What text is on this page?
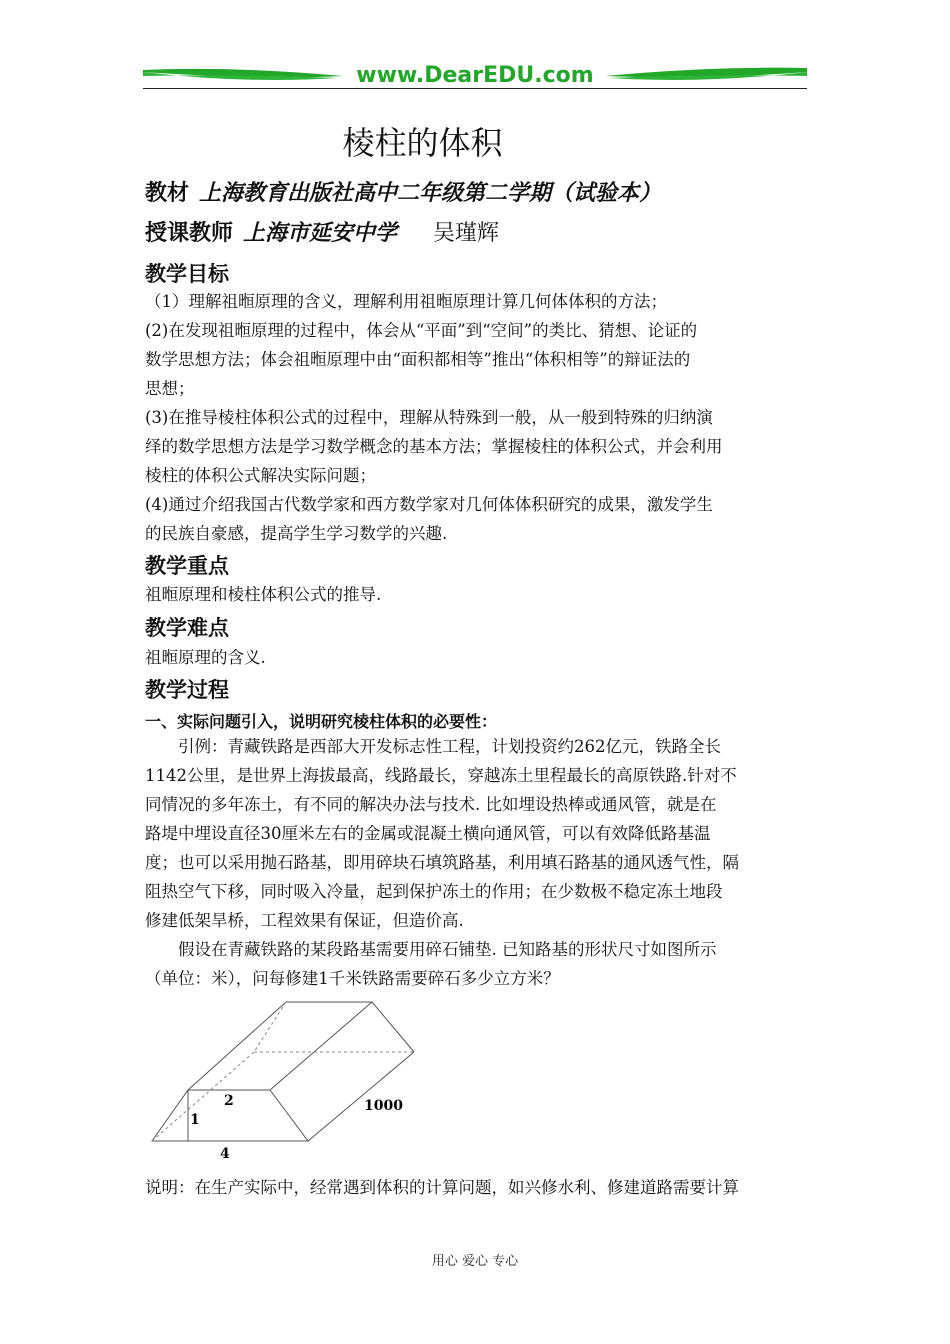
www.DearEDU.com
棱柱的体积
教材 上海教育出版社高中二年级第二学期（试验本）
授课教师 上海市延安中学 吴瑾辉
教学目标
（1）理解祖暅原理的含义，理解利用祖暅原理计算几何体体积的方法；
(2)在发现祖暅原理的过程中，体会从“平面”到“空间”的类比、猜想、论证的
数学思想方法；体会祖暅原理中由“面积都相等”推出“体积相等”的辩证法的
思想；
(3)在推导棱柱体积公式的过程中，理解从特殊到一般，从一般到特殊的归纳演
绎的数学思想方法是学习数学概念的基本方法；掌握棱柱的体积公式，并会利用
棱柱的体积公式解决实际问题；
(4)通过介绍我国古代数学家和西方数学家对几何体体积研究的成果，激发学生
的民族自豪感，提高学生学习数学的兴趣.
教学重点
祖暅原理和棱柱体积公式的推导.
教学难点
祖暅原理的含义.
教学过程
一、实际问题引入，说明研究棱柱体积的必要性：
　　引例：青藏铁路是西部大开发标志性工程，计划投资约262亿元，铁路全长
1142公里，是世界上海拔最高，线路最长，穿越冻土里程最长的高原铁路.针对不
同情况的多年冻土，有不同的解决办法与技术. 比如埋设热棒或通风管，就是在
路堤中埋设直径30厘米左右的金属或混凝土横向通风管，可以有效降低路基温
度；也可以采用抛石路基，即用碎块石填筑路基，利用填石路基的通风透气性，隔
阻热空气下移，同时吸入冷量，起到保护冻土的作用；在少数极不稳定冻土地段
修建低架旱桥，工程效果有保证，但造价高.
　　假设在青藏铁路的某段路基需要用碎石铺垫. 已知路基的形状尺寸如图所示
（单位：米），问每修建1千米铁路需要碎石多少立方米？
2
1
4
1000
说明：在生产实际中，经常遇到体积的计算问题，如兴修水利、修建道路需要计算
用心 爱心 专心
